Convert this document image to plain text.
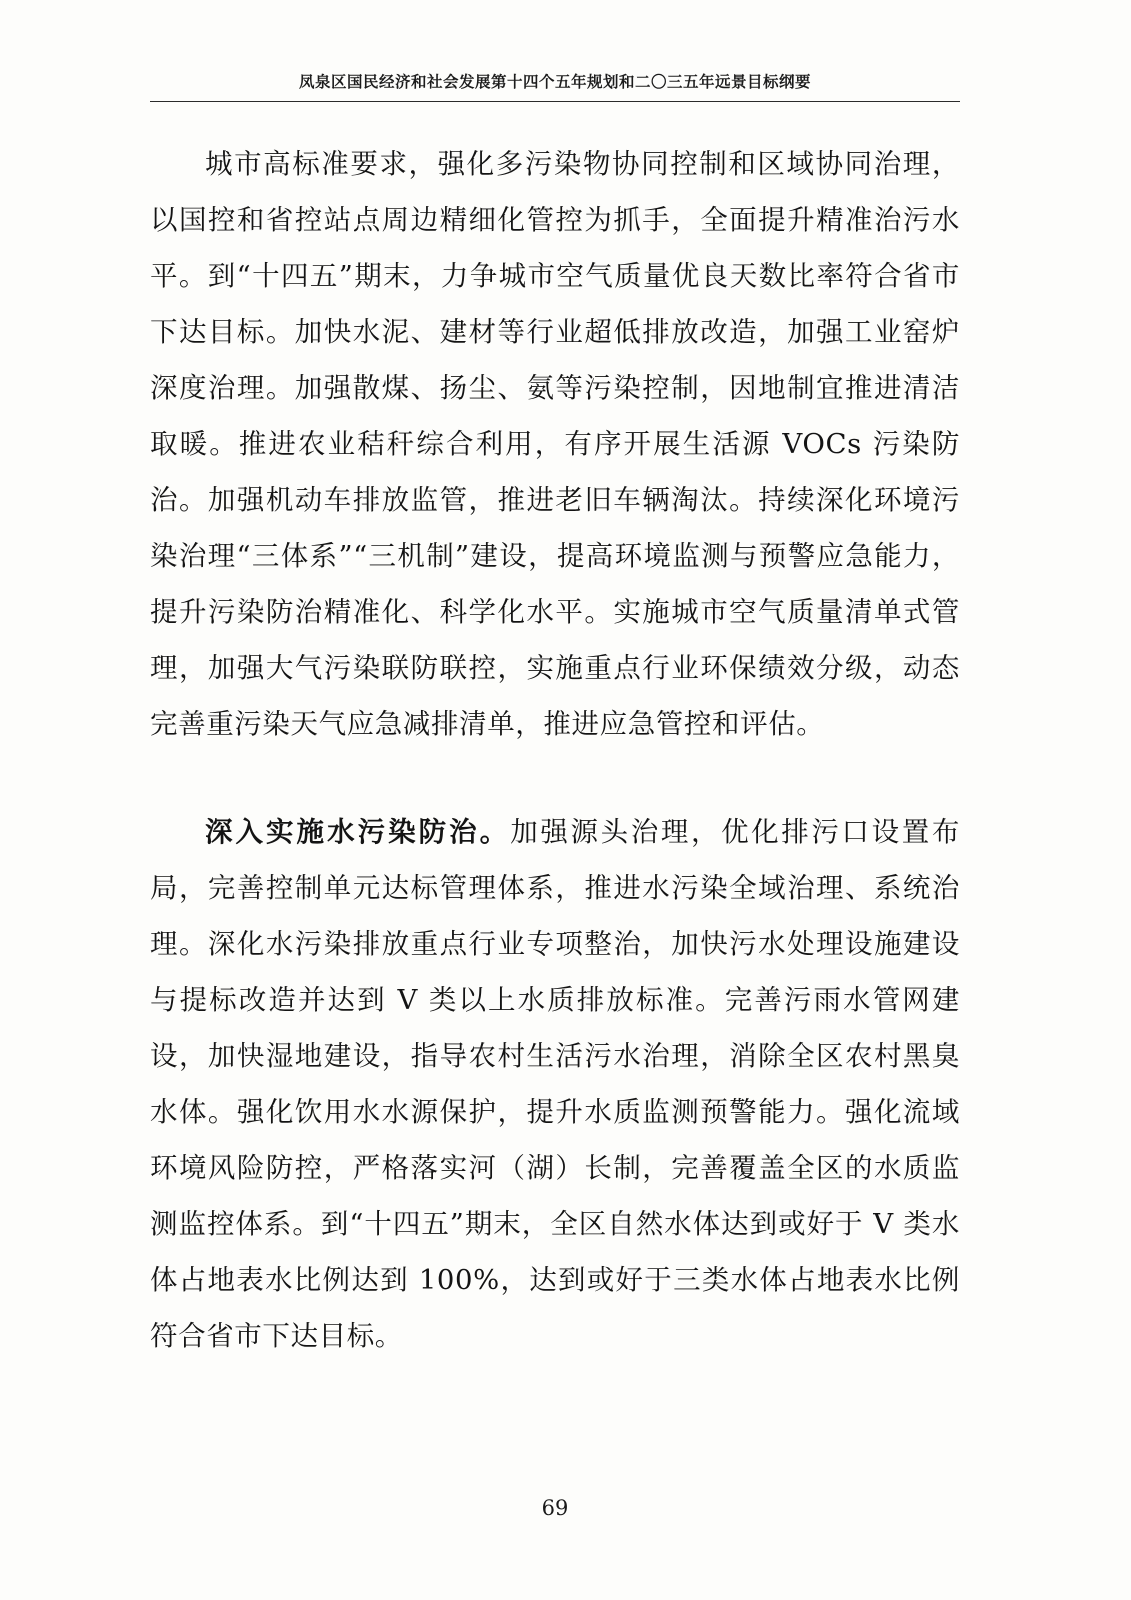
凤泉区国民经济和社会发展第十四个五年规划和二〇三五年远景目标纲要

城市高标准要求，强化多污染物协同控制和区域协同治理，以国控和省控站点周边精细化管控为抓手，全面提升精准治污水平。到“十四五”期末，力争城市空气质量优良天数比率符合省市下达目标。加快水泥、建材等行业超低排放改造，加强工业窑炉深度治理。加强散煤、扬尘、氨等污染控制，因地制宜推进清洁取暖。推进农业秸秆综合利用，有序开展生活源 VOCs 污染防治。加强机动车排放监管，推进老旧车辆淘汰。持续深化环境污染治理“三体系”“三机制”建设，提高环境监测与预警应急能力，提升污染防治精准化、科学化水平。实施城市空气质量清单式管理，加强大气污染联防联控，实施重点行业环保绩效分级，动态完善重污染天气应急减排清单，推进应急管控和评估。

深入实施水污染防治。加强源头治理，优化排污口设置布局，完善控制单元达标管理体系，推进水污染全域治理、系统治理。深化水污染排放重点行业专项整治，加快污水处理设施建设与提标改造并达到 V 类以上水质排放标准。完善污雨水管网建设，加快湿地建设，指导农村生活污水治理，消除全区农村黑臭水体。强化饮用水水源保护，提升水质监测预警能力。强化流域环境风险防控，严格落实河（湖）长制，完善覆盖全区的水质监测监控体系。到“十四五”期末，全区自然水体达到或好于 V 类水体占地表水比例达到 100%，达到或好于三类水体占地表水比例符合省市下达目标。

69
